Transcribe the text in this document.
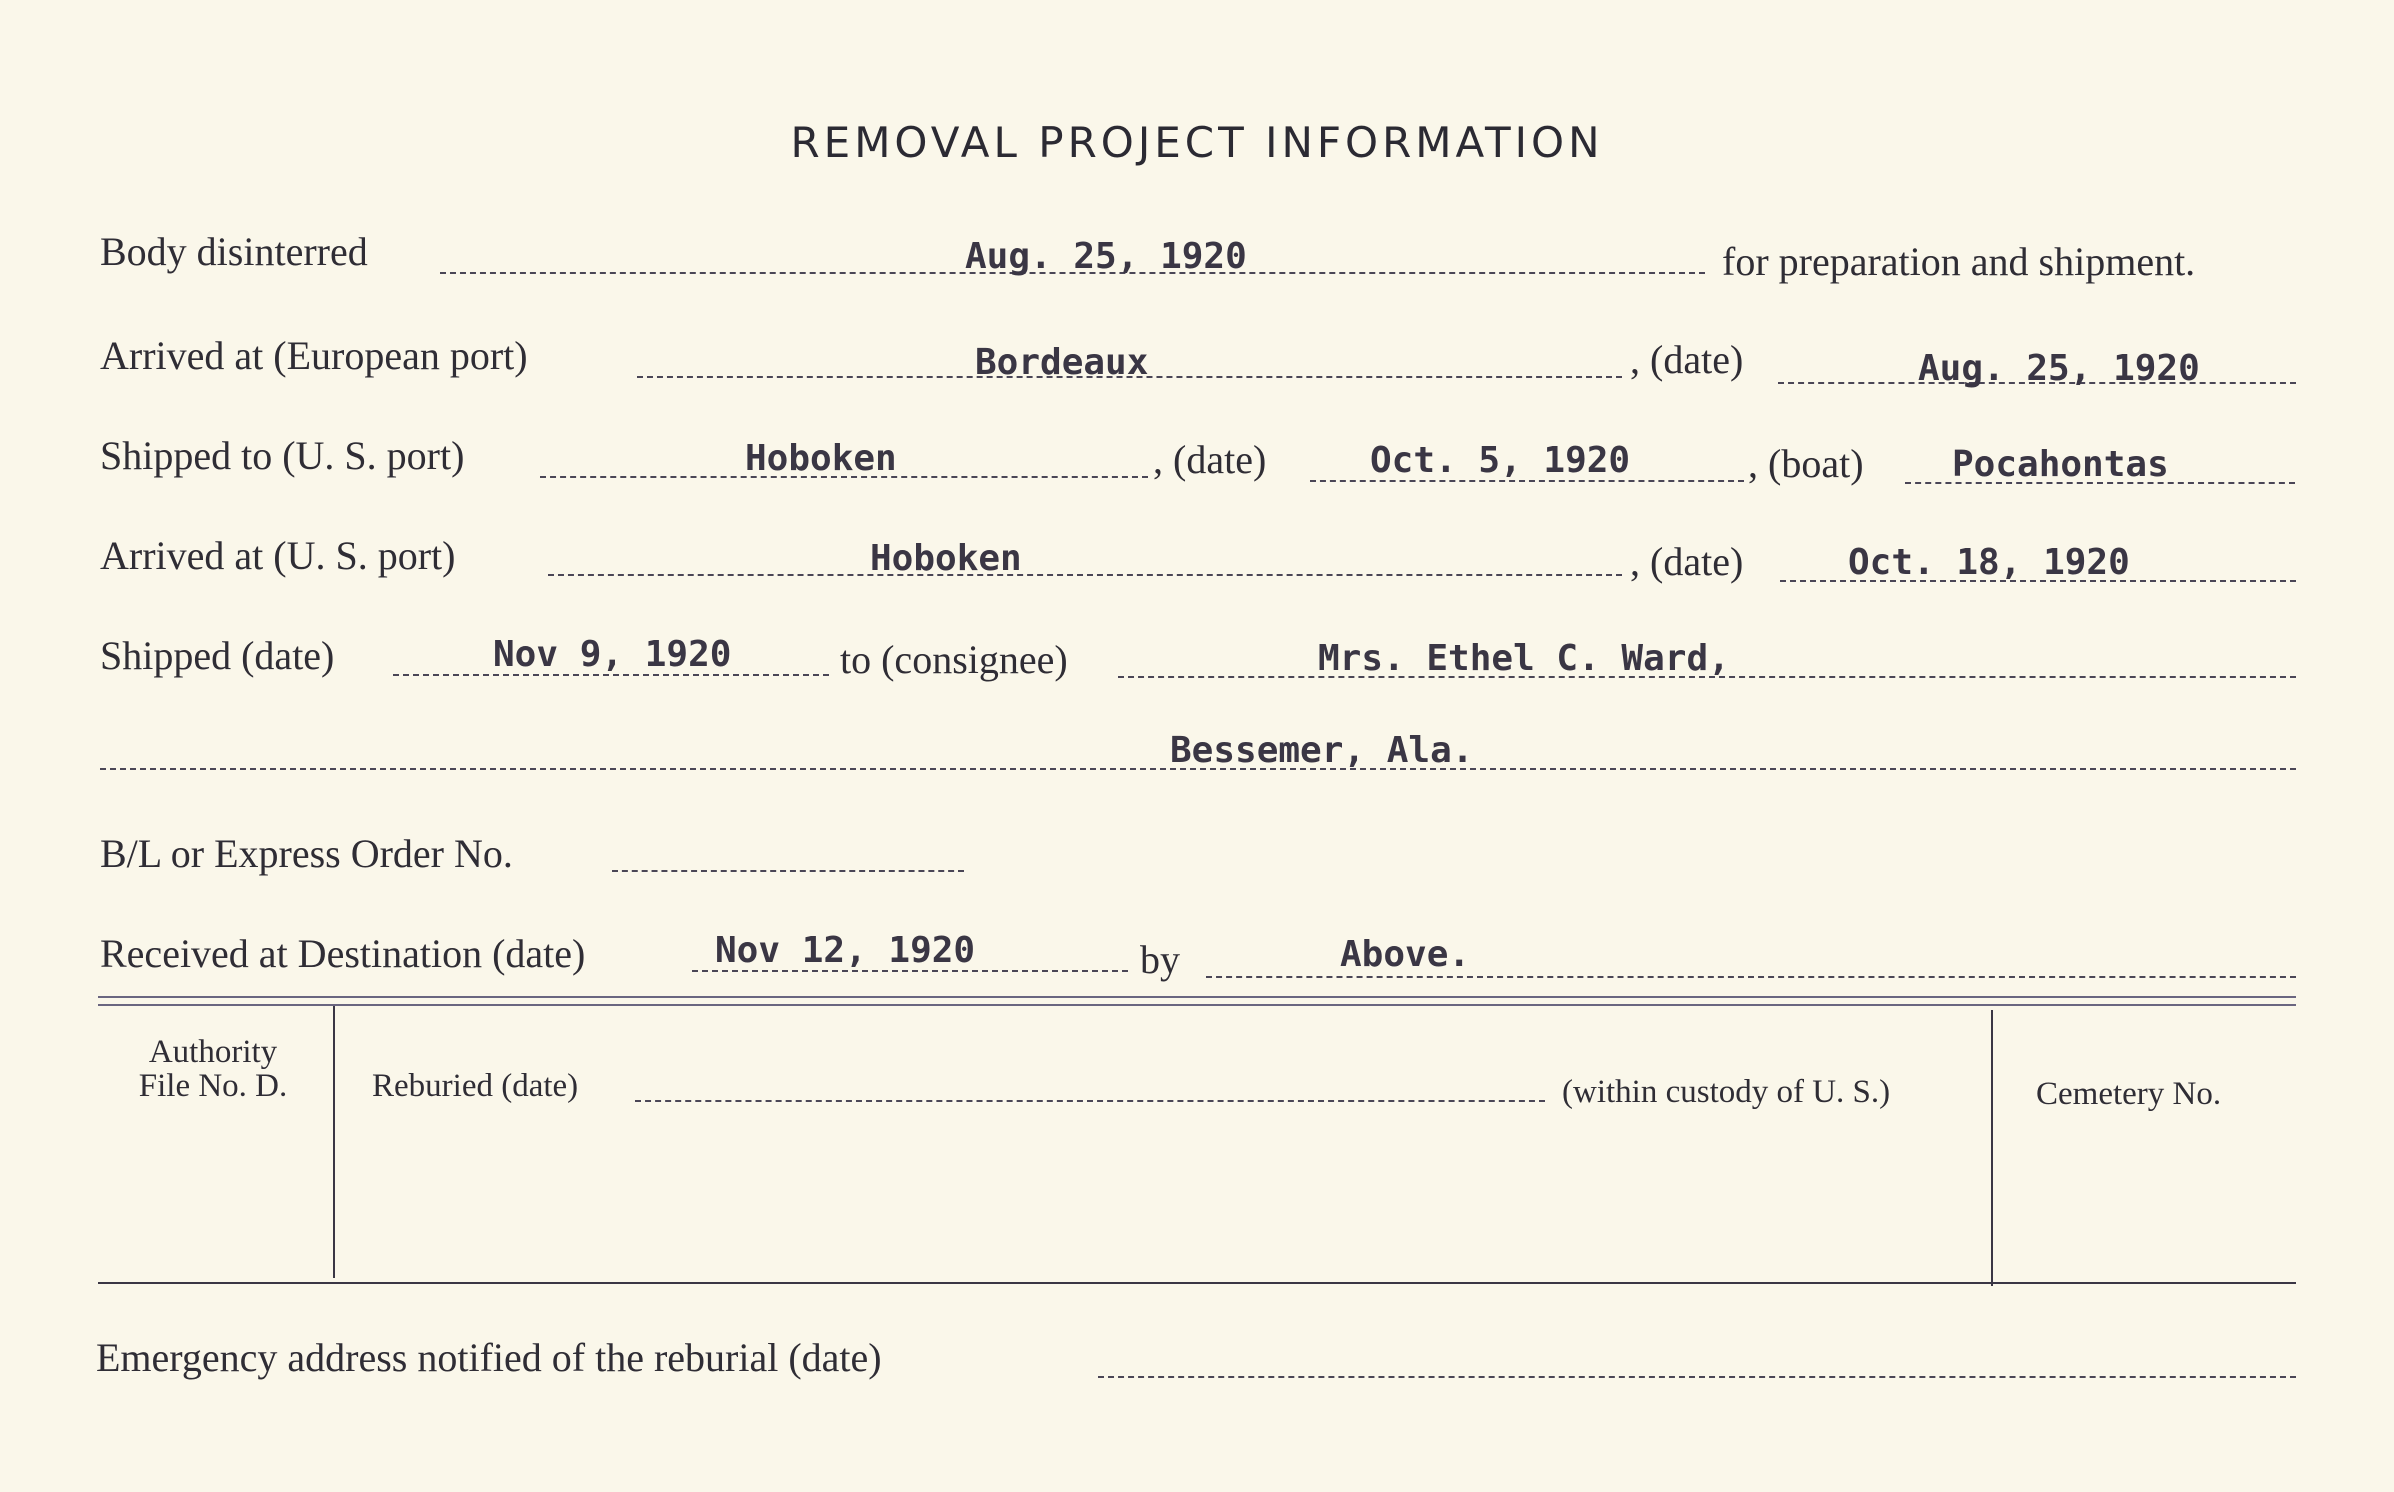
REMOVAL PROJECT INFORMATION
Body disinterred	Aug. 25, 1920	for preparation and shipment.
Arrived at (European port)	Bordeaux	, (date)	Aug. 25, 1920
Shipped to (U. S. port)	Hoboken	, (date)	Oct. 5, 1920	, (boat) Pocahontas
Arrived at (U. S. port)	Hoboken	, (date)	Oct. 18, 1920
Shipped (date)	Nov 9, 1920	to (consignee)	Mrs. Ethel C. Ward,
Bessemer, Ala.
B/L or Express Order No.
Received at Destination (date)	Nov 12, 1920	by	Above.
Authority
File No. D.	Reburied (date)	(within custody of U. S.)	Cemetery No.
Emergency address notified of the reburial (date)
